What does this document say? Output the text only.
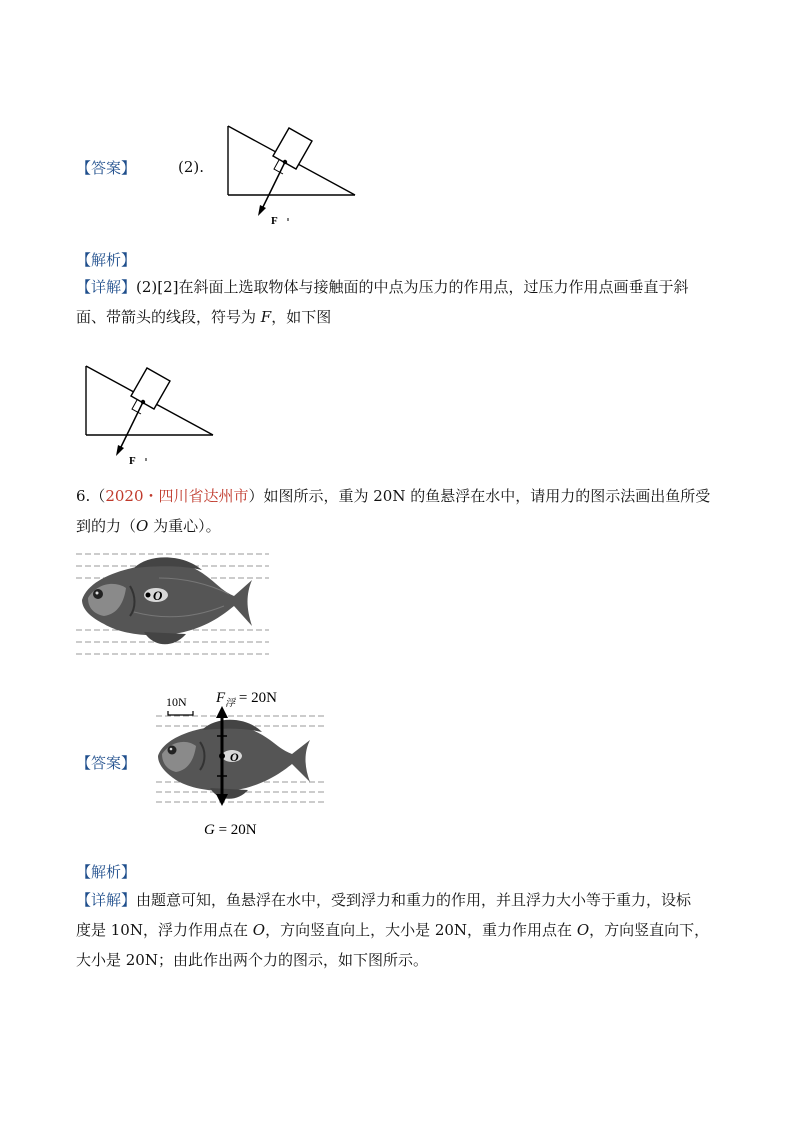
【答案】	(2).
F
【解析】
【详解】(2)[2]在斜面上选取物体与接触面的中点为压力的作用点，过压力作用点画垂直于斜
面、带箭头的线段，符号为 F，如下图
F
6.（2020・四川省达州市）如图所示，重为 20N 的鱼悬浮在水中，请用力的图示法画出鱼所受
到的力（O 为重心）。
O
【答案】	O
10N $F_浮 = 20N$
G = 20N
【解析】
【详解】由题意可知，鱼悬浮在水中，受到浮力和重力的作用，并且浮力大小等于重力，设标
度是 10N，浮力作用点在 O，方向竖直向上，大小是 20N，重力作用点在 O，方向竖直向下，
大小是 20N；由此作出两个力的图示，如下图所示。
